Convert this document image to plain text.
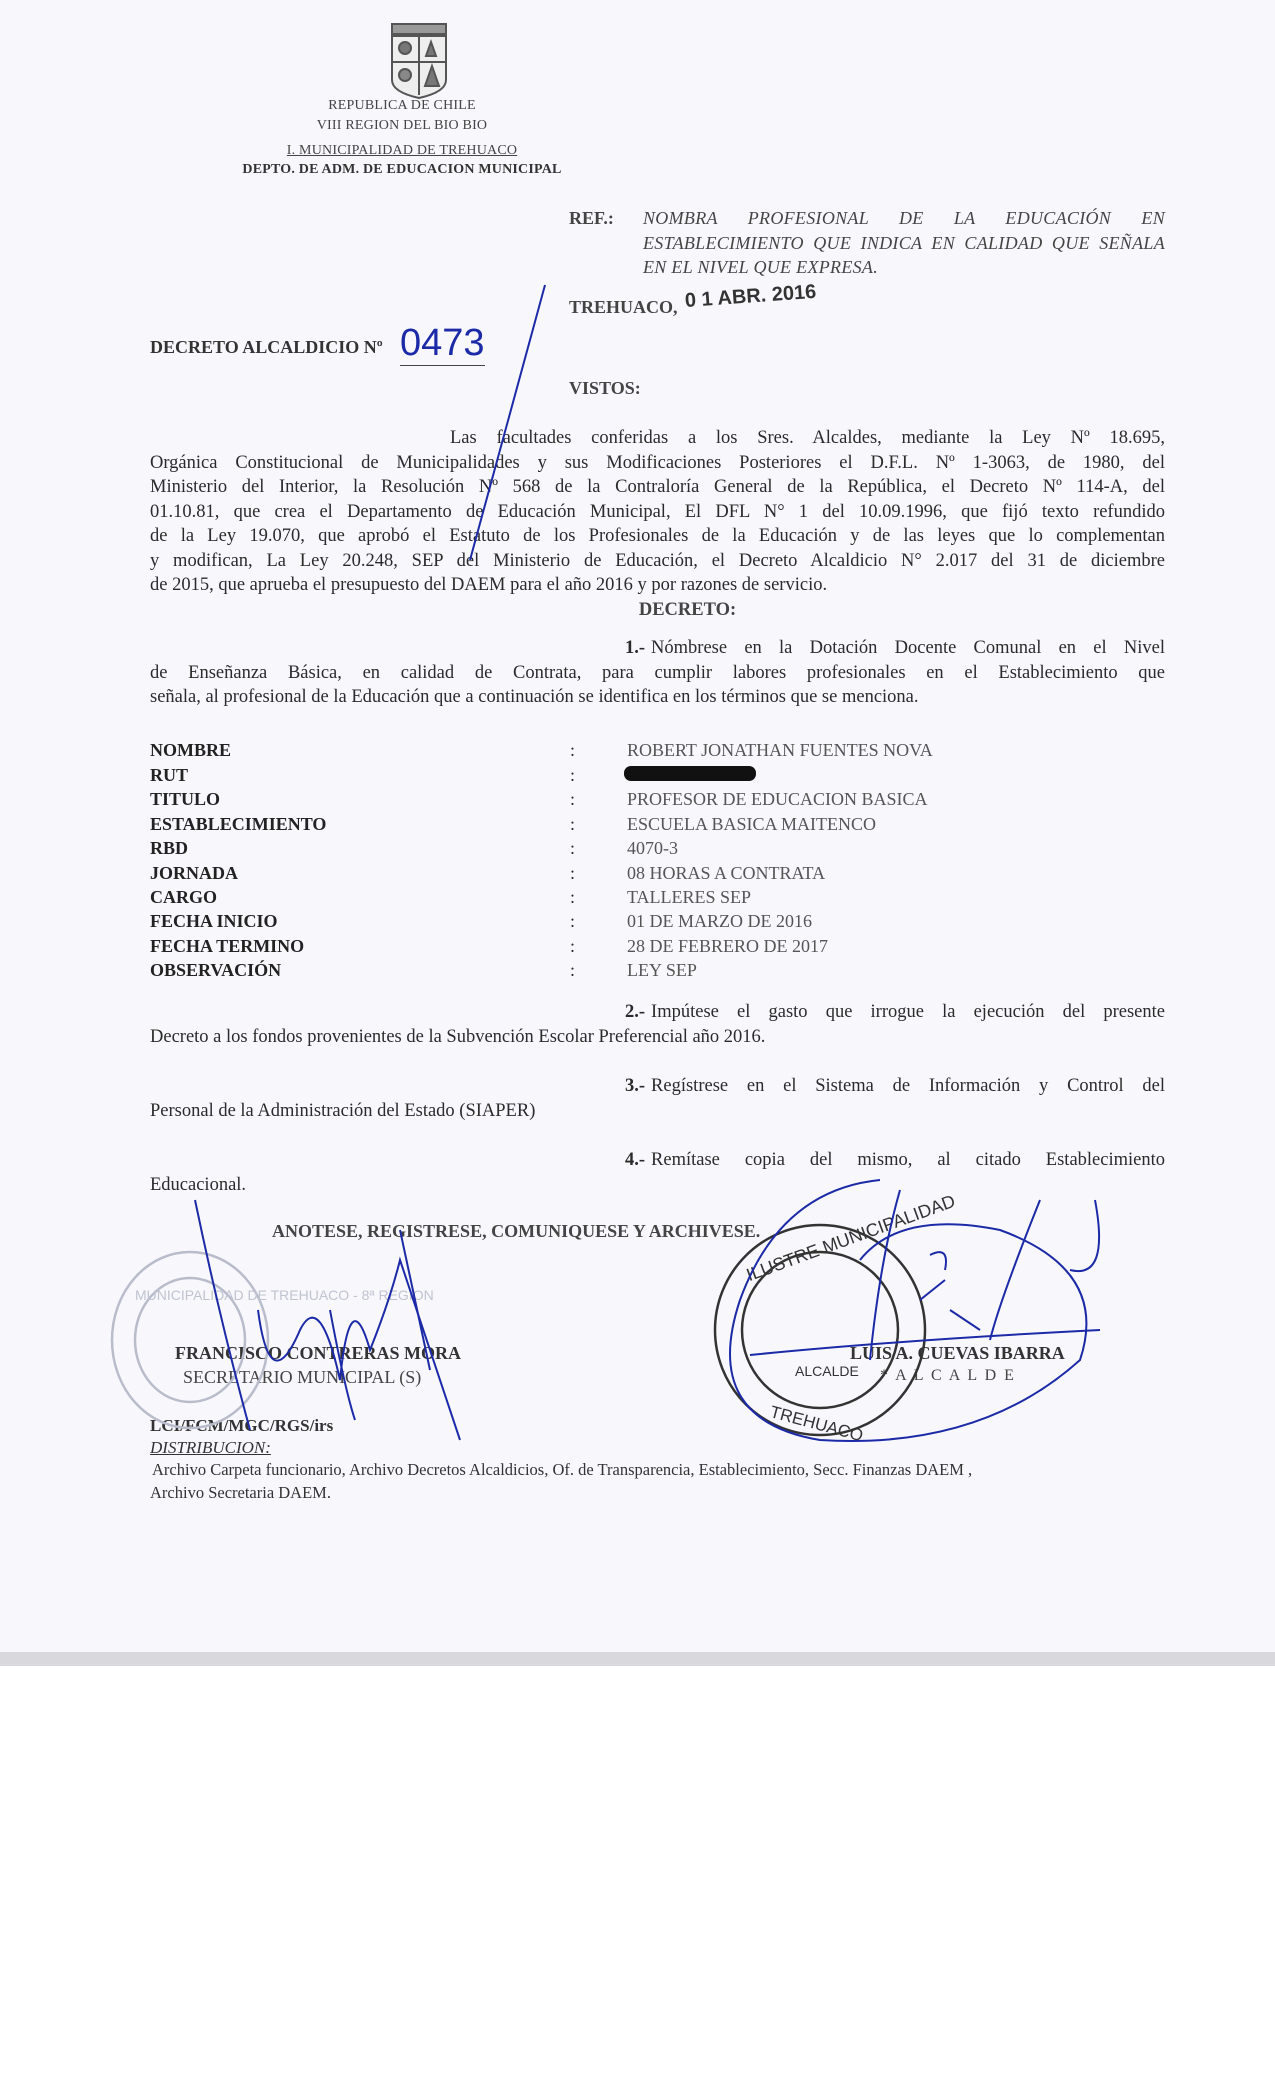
REPUBLICA DE CHILE
VIII REGION DEL BIO BIO
I. MUNICIPALIDAD DE TREHUACO
DEPTO. DE ADM. DE EDUCACION MUNICIPAL
REF.: NOMBRA PROFESIONAL DE LA EDUCACIÓN EN
ESTABLECIMIENTO QUE INDICA EN CALIDAD QUE SEÑALA
EN EL NIVEL QUE EXPRESA.
TREHUACO, 0 1 ABR. 2016
DECRETO ALCALDICIO Nº 0473
VISTOS:
Las facultades conferidas a los Sres. Alcaldes, mediante la Ley Nº 18.695,
Orgánica Constitucional de Municipalidades y sus Modificaciones Posteriores el D.F.L. Nº 1-3063, de 1980, del
Ministerio del Interior, la Resolución Nº 568 de la Contraloría General de la República, el Decreto Nº 114-A, del
01.10.81, que crea el Departamento de Educación Municipal, El DFL N° 1 del 10.09.1996, que fijó texto refundido
de la Ley 19.070, que aprobó el Estatuto de los Profesionales de la Educación y de las leyes que lo complementan
y modifican, La Ley 20.248, SEP del Ministerio de Educación, el Decreto Alcaldicio N° 2.017 del 31 de diciembre
de 2015, que aprueba el presupuesto del DAEM para el año 2016 y por razones de servicio.
DECRETO:
1.- Nómbrese en la Dotación Docente Comunal en el Nivel
de Enseñanza Básica, en calidad de Contrata, para cumplir labores profesionales en el Establecimiento que
señala, al profesional de la Educación que a continuación se identifica en los términos que se menciona.
NOMBRE	:	ROBERT JONATHAN FUENTES NOVA
RUT	:
TITULO	:	PROFESOR DE EDUCACION BASICA
ESTABLECIMIENTO	:	ESCUELA BASICA MAITENCO
RBD	:	4070-3
JORNADA	:	08 HORAS A CONTRATA
CARGO	:	TALLERES SEP
FECHA INICIO	:	01 DE MARZO DE 2016
FECHA TERMINO	:	28 DE FEBRERO DE 2017
OBSERVACIÓN	:	LEY SEP
2.- Impútese el gasto que irrogue la ejecución del presente
Decreto a los fondos provenientes de la Subvención Escolar Preferencial año 2016.
3.- Regístrese en el Sistema de Información y Control del
Personal de la Administración del Estado (SIAPER)
4.- Remítase copia del mismo, al citado Establecimiento
Educacional.
ANOTESE, REGISTRESE, COMUNIQUESE Y ARCHIVESE.
FRANCISCO CONTRERAS MORA
SECRETARIO MUNICIPAL (S)
LUIS A. CUEVAS IBARRA
* A L C A L D E
LCI/FCM/MGC/RGS/irs
DISTRIBUCION:
Archivo Carpeta funcionario, Archivo Decretos Alcaldicios, Of. de Transparencia, Establecimiento, Secc. Finanzas DAEM ,
Archivo Secretaria DAEM.
MUNICIPALIDAD DE TREHUACO - 8ª REGION
ILUSTRE MUNICIPALIDAD
ALCALDE
TREHUACO
